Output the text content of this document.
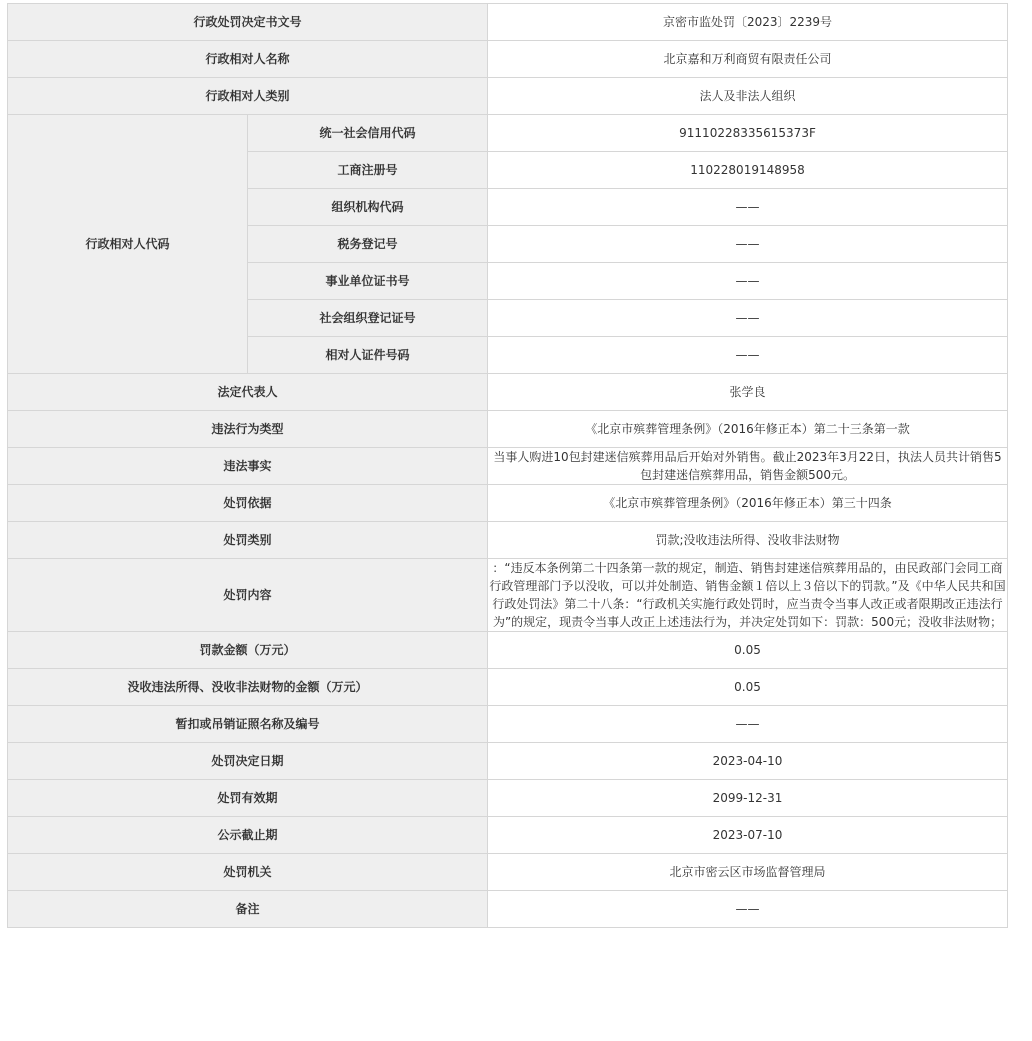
行政处罚决定书文号		京密市监处罚〔2023〕2239号
行政相对人名称		北京嘉和万利商贸有限责任公司
行政相对人类别		法人及非法人组织
行政相对人代码	统一社会信用代码	91110228335615373F
	工商注册号	110228019148958
	组织机构代码	——
	税务登记号	——
	事业单位证书号	——
	社会组织登记证号	——
	相对人证件号码	——
法定代表人		张学良
违法行为类型		《北京市殡葬管理条例》（2016年修正本）第二十三条第一款
违法事实		当事人购进10包封建迷信殡葬用品后开始对外销售。截止2023年3月22日，执法人员共计销售5包封建迷信殡葬用品，销售金额500元。
处罚依据		《北京市殡葬管理条例》（2016年修正本）第三十四条
处罚类别		罚款;没收违法所得、没收非法财物
处罚内容		：“违反本条例第二十四条第一款的规定，制造、销售封建迷信殡葬用品的，由民政部门会同工商行政管理部门予以没收，可以并处制造、销售金额１倍以上３倍以下的罚款。”及《中华人民共和国行政处罚法》第二十八条：“行政机关实施行政处罚时，应当责令当事人改正或者限期改正违法行为”的规定，现责令当事人改正上述违法行为，并决定处罚如下：罚款：500元；没收非法财物；
罚款金额（万元）		0.05
没收违法所得、没收非法财物的金额（万元）		0.05
暂扣或吊销证照名称及编号		——
处罚决定日期		2023-04-10
处罚有效期		2099-12-31
公示截止期		2023-07-10
处罚机关		北京市密云区市场监督管理局
备注		——
